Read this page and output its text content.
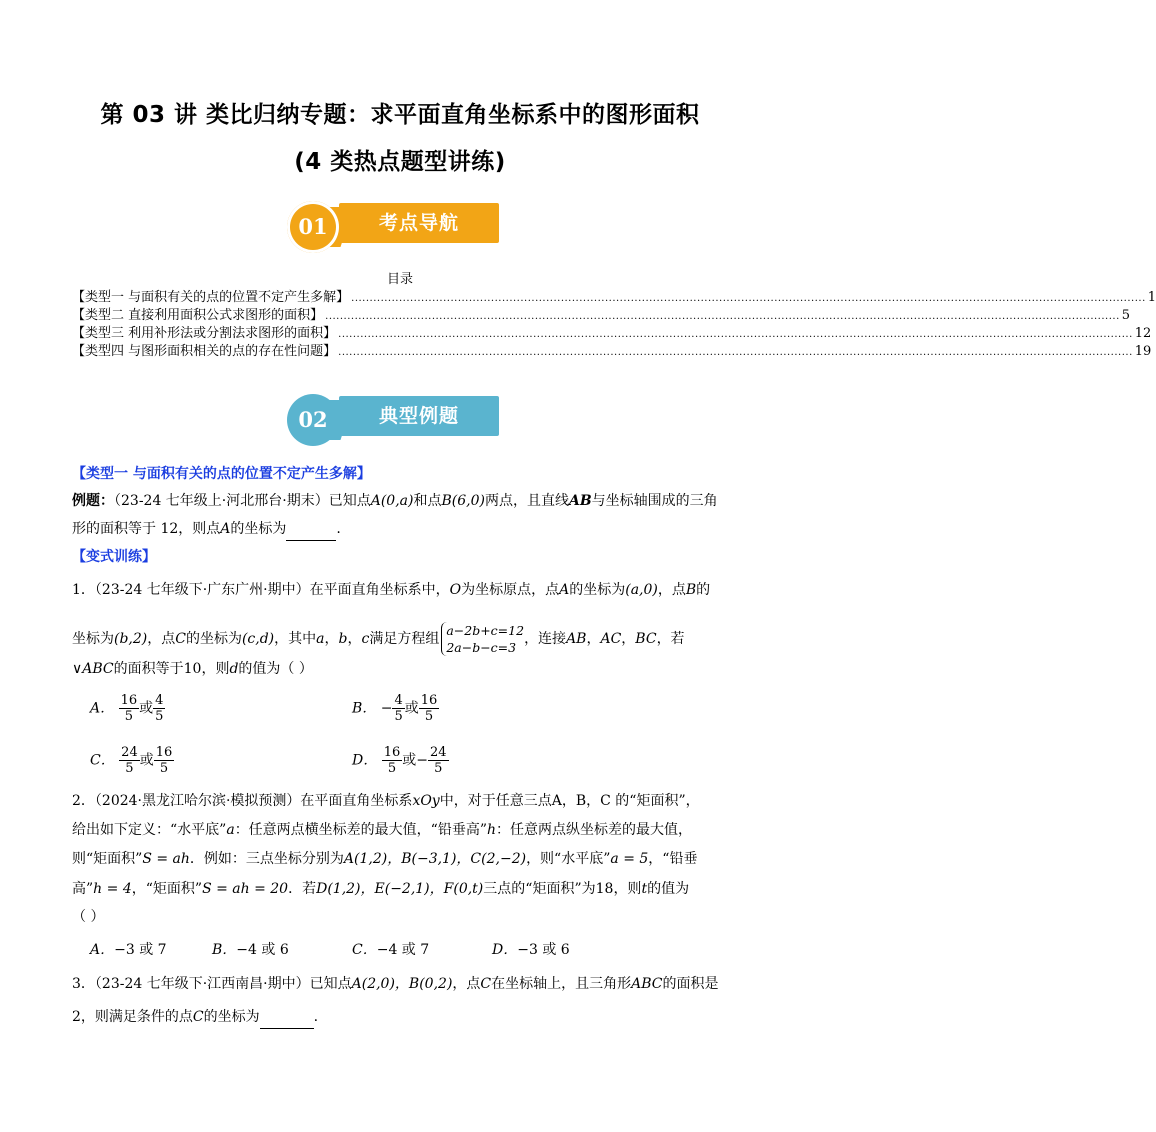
第 03 讲 类比归纳专题：求平面直角坐标系中的图形面积
(4 类热点题型讲练)
考点导航
01
目录
【类型一 与面积有关的点的位置不定产生多解】 ........................................................................................................................................................................................................................ 1
【类型二 直接利用面积公式求图形的面积】 ........................................................................................................................................................................................................................ 5
【类型三 利用补形法或分割法求图形的面积】 ........................................................................................................................................................................................................................ 12
【类型四 与图形面积相关的点的存在性问题】 ........................................................................................................................................................................................................................ 19
典型例题
02
【类型一 与面积有关的点的位置不定产生多解】
例题：（23-24 七年级上·河北邢台·期末）已知点A(0,a)和点B(6,0)两点，且直线AB与坐标轴围成的三角
形的面积等于 12，则点A的坐标为	.
【变式训练】
1．（23-24 七年级下·广东广州·期中）在平面直角坐标系中，O为坐标原点，点A的坐标为(a,0)，点B的
坐标为(b,2)，点C的坐标为(c,d)，其中a，b，c满足方程组
a−2b+c=12
2a−b−c=3
，连接AB，AC，BC，若
∨ABC的面积等于10，则d的值为（ ）
A． $\frac{16}{5}$ 或 $\frac{4}{5}$	B． − $\frac{4}{5}$ 或 $\frac{16}{5}$
C． $\frac{24}{5}$ 或 $\frac{16}{5}$	D． $\frac{16}{5}$ 或− $\frac{24}{5}$
2．（2024·黑龙江哈尔滨·模拟预测）在平面直角坐标系xOy中，对于任意三点A，B，C 的“矩面积”，
给出如下定义：“水平底”a：任意两点横坐标差的最大值，“铅垂高”h：任意两点纵坐标差的最大值，
则“矩面积”S = ah．例如：三点坐标分别为A(1,2)，B(−3,1)，C(2,−2)，则“水平底”a = 5，“铅垂
高”h = 4，“矩面积”S = ah = 20．若D(1,2)，E(−2,1)，F(0,t)三点的“矩面积”为18，则t的值为
（ ）
A．−3 或 7	B．−4 或 6	C．−4 或 7	D．−3 或 6
3．（23-24 七年级下·江西南昌·期中）已知点A(2,0)，B(0,2)，点C在坐标轴上，且三角形ABC的面积是
2，则满足条件的点C的坐标为	.
